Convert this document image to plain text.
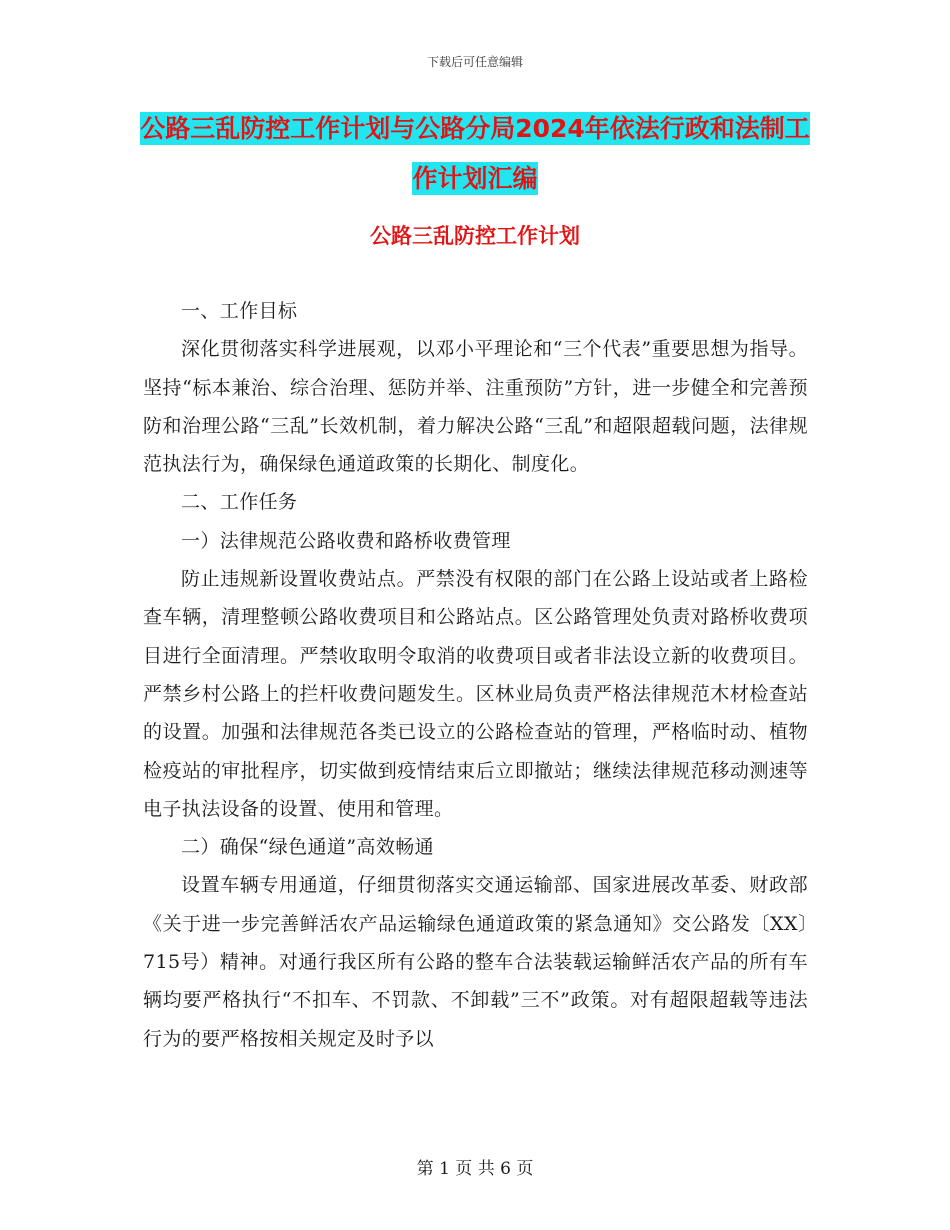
下载后可任意编辑
公路三乱防控工作计划与公路分局2024年依法行政和法制工作计划汇编
公路三乱防控工作计划

一、工作目标

深化贯彻落实科学进展观，以邓小平理论和“三个代表”重要思想为指导。坚持“标本兼治、综合治理、惩防并举、注重预防”方针，进一步健全和完善预防和治理公路“三乱”长效机制，着力解决公路“三乱”和超限超载问题，法律规范执法行为，确保绿色通道政策的长期化、制度化。

二、工作任务

一）法律规范公路收费和路桥收费管理

防止违规新设置收费站点。严禁没有权限的部门在公路上设站或者上路检查车辆，清理整顿公路收费项目和公路站点。区公路管理处负责对路桥收费项目进行全面清理。严禁收取明令取消的收费项目或者非法设立新的收费项目。严禁乡村公路上的拦杆收费问题发生。区林业局负责严格法律规范木材检查站的设置。加强和法律规范各类已设立的公路检查站的管理，严格临时动、植物检疫站的审批程序，切实做到疫情结束后立即撤站；继续法律规范移动测速等电子执法设备的设置、使用和管理。

二）确保“绿色通道”高效畅通

设置车辆专用通道，仔细贯彻落实交通运输部、国家进展改革委、财政部《关于进一步完善鲜活农产品运输绿色通道政策的紧急通知》交公路发〔XX〕715号）精神。对通行我区所有公路的整车合法装载运输鲜活农产品的所有车辆均要严格执行“不扣车、不罚款、不卸载”三不”政策。对有超限超载等违法行为的要严格按相关规定及时予以

第 1 页 共 6 页
